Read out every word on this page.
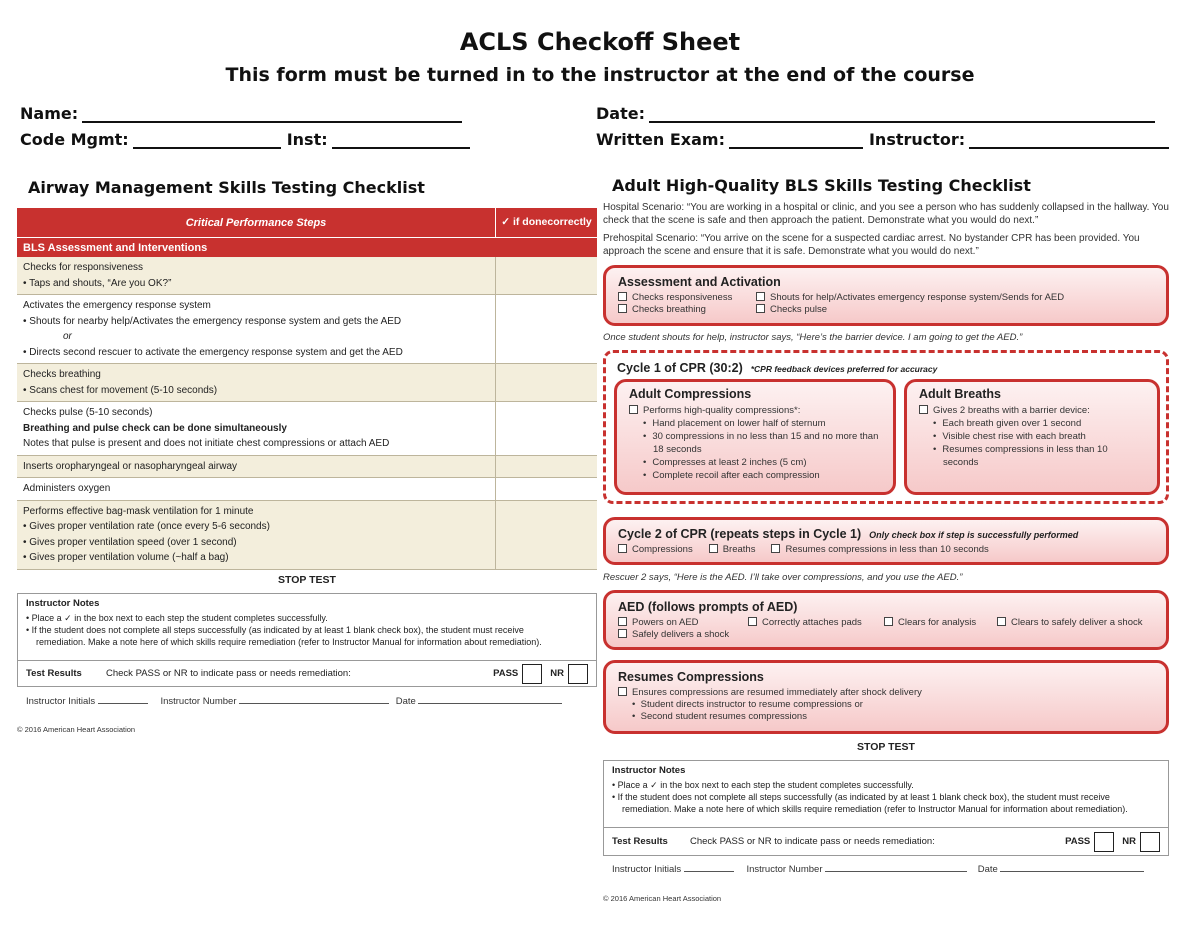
ACLS Checkoff Sheet
This form must be turned in to the instructor at the end of the course
Name:
Code Mgmt:	Inst:
Date:
Written Exam:	Instructor:
Airway Management Skills Testing Checklist	Adult High-Quality BLS Skills Testing Checklist
Critical Performance Steps	✓ if done correctly
BLS Assessment and Interventions
Checks for responsiveness
• Taps and shouts, “Are you OK?”
Activates the emergency response system
• Shouts for nearby help/Activates the emergency response system and gets the AED
or
• Directs second rescuer to activate the emergency response system and get the AED
Checks breathing
• Scans chest for movement (5-10 seconds)
Checks pulse (5-10 seconds)
Breathing and pulse check can be done simultaneously
Notes that pulse is present and does not initiate chest compressions or attach AED
Inserts oropharyngeal or nasopharyngeal airway
Administers oxygen
Performs effective bag-mask ventilation for 1 minute
• Gives proper ventilation rate (once every 5-6 seconds)
• Gives proper ventilation speed (over 1 second)
• Gives proper ventilation volume (~half a bag)
STOP TEST
Instructor Notes
• Place a ✓ in the box next to each step the student completes successfully.
• If the student does not complete all steps successfully (as indicated by at least 1 blank check box), the student must receive
remediation. Make a note here of which skills require remediation (refer to Instructor Manual for information about remediation).
Test Results	Check PASS or NR to indicate pass or needs remediation:	PASS	NR
Instructor Initials	Instructor Number	Date
© 2016 American Heart Association
Hospital Scenario: “You are working in a hospital or clinic, and you see a person who has suddenly collapsed in the hallway. You check that the scene is safe and then approach the patient. Demonstrate what you would do next.”
Prehospital Scenario: “You arrive on the scene for a suspected cardiac arrest. No bystander CPR has been provided. You approach the scene and ensure that it is safe. Demonstrate what you would do next.”
Assessment and Activation
Checks responsiveness	Shouts for help/Activates emergency response system/Sends for AED
Checks breathing	Checks pulse
Once student shouts for help, instructor says, “Here’s the barrier device. I am going to get the AED.”
Cycle 1 of CPR (30:2) *CPR feedback devices preferred for accuracy
Adult Compressions
Performs high-quality compressions*:
• Hand placement on lower half of sternum
• 30 compressions in no less than 15 and no more than 18 seconds
• Compresses at least 2 inches (5 cm)
• Complete recoil after each compression
Adult Breaths
Gives 2 breaths with a barrier device:
• Each breath given over 1 second
• Visible chest rise with each breath
• Resumes compressions in less than 10 seconds
Cycle 2 of CPR (repeats steps in Cycle 1) Only check box if step is successfully performed
Compressions	Breaths	Resumes compressions in less than 10 seconds
Rescuer 2 says, “Here is the AED. I’ll take over compressions, and you use the AED.”
AED (follows prompts of AED)
Powers on AED	Correctly attaches pads	Clears for analysis	Clears to safely deliver a shock
Safely delivers a shock
Resumes Compressions
Ensures compressions are resumed immediately after shock delivery
•  Student directs instructor to resume compressions or
•  Second student resumes compressions
STOP TEST
Instructor Notes
• Place a ✓ in the box next to each step the student completes successfully.
• If the student does not complete all steps successfully (as indicated by at least 1 blank check box), the student must receive
remediation. Make a note here of which skills require remediation (refer to Instructor Manual for information about remediation).
Test Results	Check PASS or NR to indicate pass or needs remediation:	PASS	NR
Instructor Initials	Instructor Number	Date
© 2016 American Heart Association
